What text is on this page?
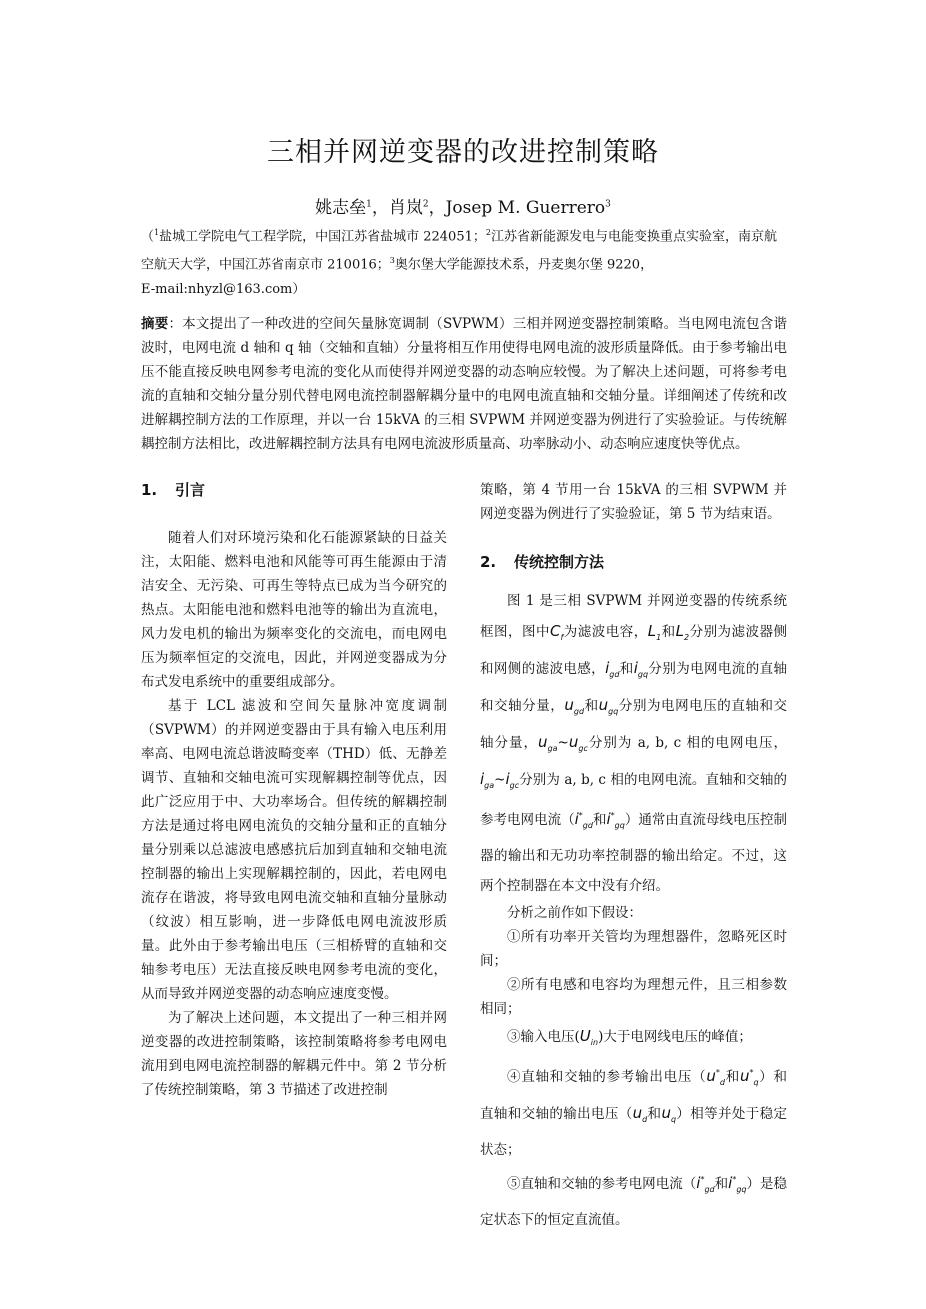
三相并网逆变器的改进控制策略
姚志垒$^1$，肖岚$^2$，Josep M. Guerrero$^3$
（$^1$盐城工学院电气工程学院，中国江苏省盐城市 224051；$^2$江苏省新能源发电与电能变换重点实验室，南京航空航天大学，中国江苏省南京市 210016；$^3$奥尔堡大学能源技术系，丹麦奥尔堡 9220，
E-mail:nhyzl@163.com）
摘要：本文提出了一种改进的空间矢量脉宽调制（SVPWM）三相并网逆变器控制策略。当电网电流包含谐波时，电网电流 d 轴和 q 轴（交轴和直轴）分量将相互作用使得电网电流的波形质量降低。由于参考输出电压不能直接反映电网参考电流的变化从而使得并网逆变器的动态响应较慢。为了解决上述问题，可将参考电流的直轴和交轴分量分别代替电网电流控制器解耦分量中的电网电流直轴和交轴分量。详细阐述了传统和改进解耦控制方法的工作原理，并以一台 15kVA 的三相 SVPWM 并网逆变器为例进行了实验验证。与传统解耦控制方法相比，改进解耦控制方法具有电网电流波形质量高、功率脉动小、动态响应速度快等优点。
1. 引言

随着人们对环境污染和化石能源紧缺的日益关注，太阳能、燃料电池和风能等可再生能源由于清洁安全、无污染、可再生等特点已成为当今研究的热点。太阳能电池和燃料电池等的输出为直流电，风力发电机的输出为频率变化的交流电，而电网电压为频率恒定的交流电，因此，并网逆变器成为分布式发电系统中的重要组成部分。

基于 LCL 滤波和空间矢量脉冲宽度调制（SVPWM）的并网逆变器由于具有输入电压利用率高、电网电流总谐波畸变率（THD）低、无静差调节、直轴和交轴电流可实现解耦控制等优点，因此广泛应用于中、大功率场合。但传统的解耦控制方法是通过将电网电流负的交轴分量和正的直轴分量分别乘以总滤波电感感抗后加到直轴和交轴电流控制器的输出上实现解耦控制的，因此，若电网电流存在谐波，将导致电网电流交轴和直轴分量脉动（纹波）相互影响，进一步降低电网电流波形质量。此外由于参考输出电压（三相桥臂的直轴和交轴参考电压）无法直接反映电网参考电流的变化，从而导致并网逆变器的动态响应速度变慢。

为了解决上述问题，本文提出了一种三相并网逆变器的改进控制策略，该控制策略将参考电网电流用到电网电流控制器的解耦元件中。第 2 节分析了传统控制策略，第 3 节描述了改进控制

策略，第 4 节用一台 15kVA 的三相 SVPWM 并网逆变器为例进行了实验验证，第 5 节为结束语。

2. 传统控制方法

图 1 是三相 SVPWM 并网逆变器的传统系统框图，图中$C_f$为滤波电容，$L_1$和$L_2$分别为滤波器侧和网侧的滤波电感，$i_{gd}$和$i_{gq}$分别为电网电流的直轴和交轴分量，$u_{gd}$和$u_{gq}$分别为电网电压的直轴和交轴分量，$u_{ga}\sim u_{gc}$分别为 a, b, c 相的电网电压，$i_{ga}\sim i_{gc}$分别为 a, b, c 相的电网电流。直轴和交轴的参考电网电流（$i^*_{gd}$和$i^*_{gq}$）通常由直流母线电压控制器的输出和无功功率控制器的输出给定。不过，这两个控制器在本文中没有介绍。

分析之前作如下假设：

①所有功率开关管均为理想器件，忽略死区时间；

②所有电感和电容均为理想元件，且三相参数相同；

③输入电压$(U_{in})$大于电网线电压的峰值；

④直轴和交轴的参考输出电压（$u^*_d$和$u^*_q$）和直轴和交轴的输出电压（$u_d$和$u_q$）相等并处于稳定状态；

⑤直轴和交轴的参考电网电流（$i^*_{gd}$和$i^*_{gq}$）是稳定状态下的恒定直流值。
